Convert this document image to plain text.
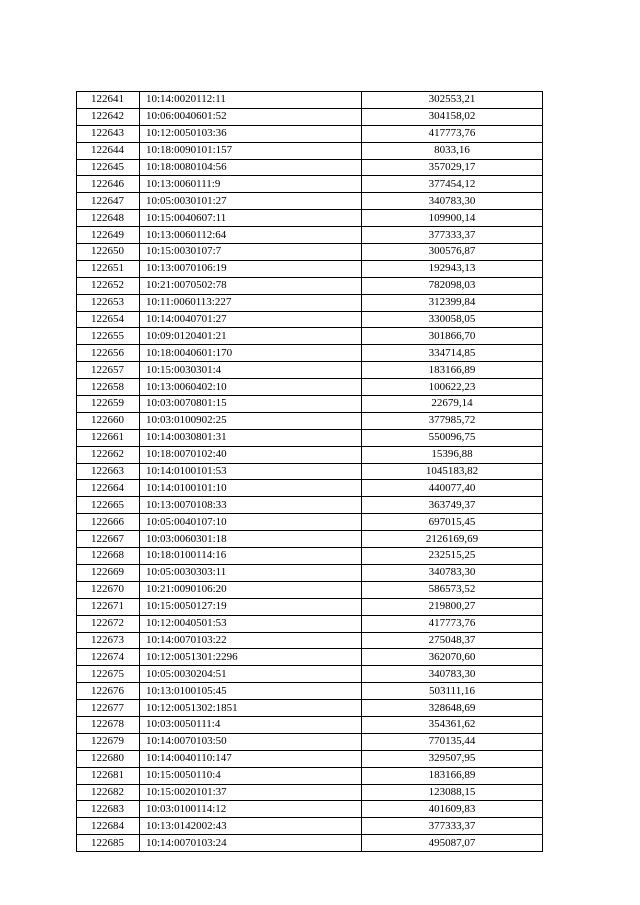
122641	10:14:0020112:11	302553,21
122642	10:06:0040601:52	304158,02
122643	10:12:0050103:36	417773,76
122644	10:18:0090101:157	8033,16
122645	10:18:0080104:56	357029,17
122646	10:13:0060111:9	377454,12
122647	10:05:0030101:27	340783,30
122648	10:15:0040607:11	109900,14
122649	10:13:0060112:64	377333,37
122650	10:15:0030107:7	300576,87
122651	10:13:0070106:19	192943,13
122652	10:21:0070502:78	782098,03
122653	10:11:0060113:227	312399,84
122654	10:14:0040701:27	330058,05
122655	10:09:0120401:21	301866,70
122656	10:18:0040601:170	334714,85
122657	10:15:0030301:4	183166,89
122658	10:13:0060402:10	100622,23
122659	10:03:0070801:15	22679,14
122660	10:03:0100902:25	377985,72
122661	10:14:0030801:31	550096,75
122662	10:18:0070102:40	15396,88
122663	10:14:0100101:53	1045183,82
122664	10:14:0100101:10	440077,40
122665	10:13:0070108:33	363749,37
122666	10:05:0040107:10	697015,45
122667	10:03:0060301:18	2126169,69
122668	10:18:0100114:16	232515,25
122669	10:05:0030303:11	340783,30
122670	10:21:0090106:20	586573,52
122671	10:15:0050127:19	219800,27
122672	10:12:0040501:53	417773,76
122673	10:14:0070103:22	275048,37
122674	10:12:0051301:2296	362070,60
122675	10:05:0030204:51	340783,30
122676	10:13:0100105:45	503111,16
122677	10:12:0051302:1851	328648,69
122678	10:03:0050111:4	354361,62
122679	10:14:0070103:50	770135,44
122680	10:14:0040110:147	329507,95
122681	10:15:0050110:4	183166,89
122682	10:15:0020101:37	123088,15
122683	10:03:0100114:12	401609,83
122684	10:13:0142002:43	377333,37
122685	10:14:0070103:24	495087,07
